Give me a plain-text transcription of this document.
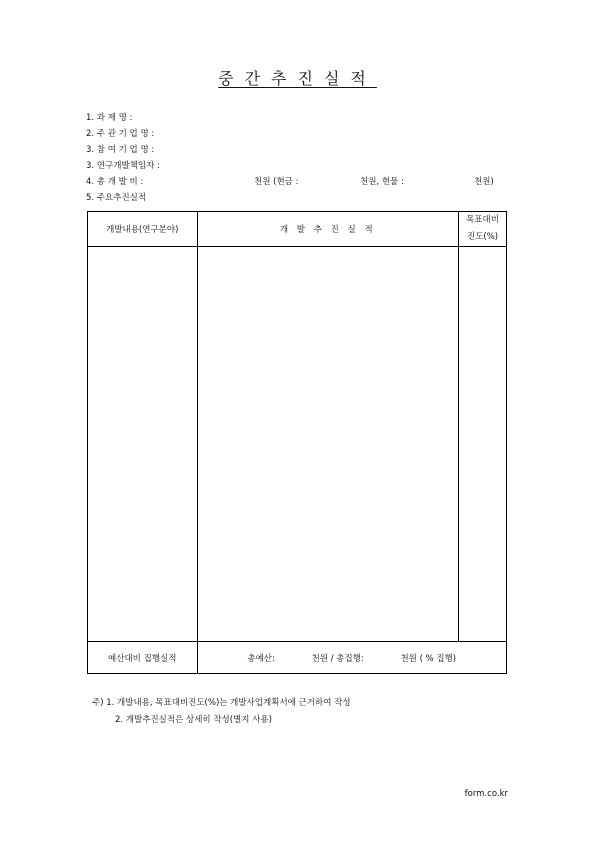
중간추진실적
1. 과 제 명 :
2. 주 관 기 업 명 :
3. 참 여 기 업 명 :
3. 연구개발책임자 :
4. 총 개 발 비 :	천원 (현금 :	천원, 현물 :	천원)
5. 주요추진실적
개발내용(연구분야)	개 발 추 진 실 적	목표대비
진도(%)

예산대비 집행실적	총예산: 천원 / 총집행: 천원 ( % 집행)	
주) 1. 개발내용, 목표대비진도(%)는 개발사업계획서에 근거하여 작성
2. 개발추진실적은 상세히 작성(별지 사용)
form.co.kr
